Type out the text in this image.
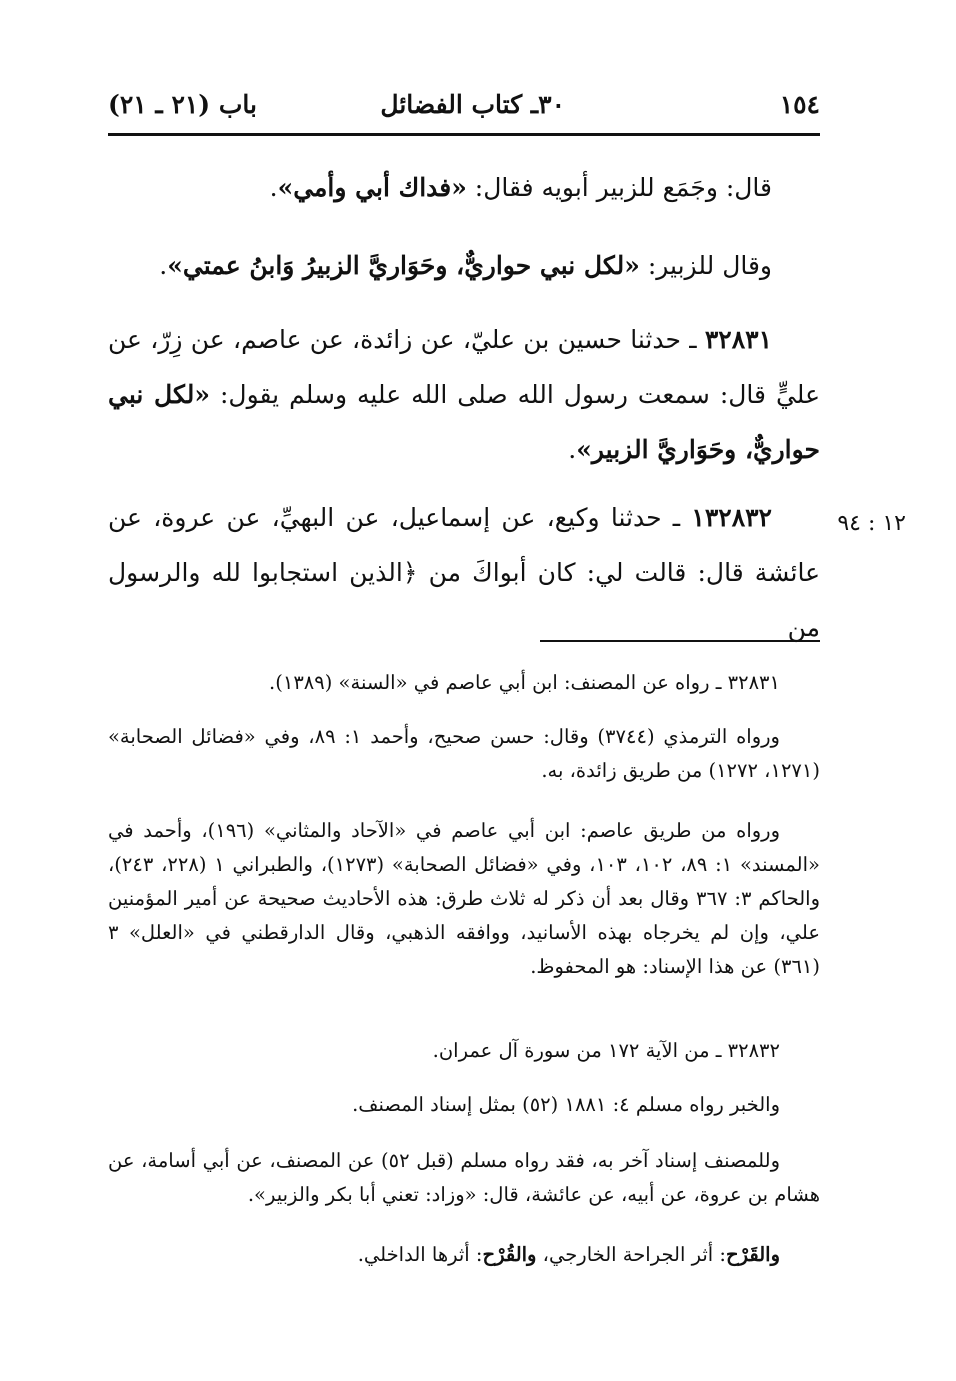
١٥٤
٣٠ـ كتاب الفضائل
باب (٢١ ـ ٢١)

قال: وجَمَع للزبير أبويه فقال: «فداك أبي وأمي».

وقال للزبير: «لكل نبي حواريٌّ، وحَوَاريَّ الزبيرُ وَابنُ عمتي».

٣٢٨٣١ ـ حدثنا حسين بن عليّ، عن زائدة، عن عاصم، عن زِرّ، عن عليٍّ قال: سمعت رسول الله صلى الله عليه وسلم يقول: «لكل نبي حواريٌّ، وحَوَاريَّ الزبير».

١٢ : ٩٤

١٣٢٨٣٢ ـ حدثنا وكيع، عن إسماعيل، عن البهيِّ، عن عروة، عن عائشة قال: قالت لي: كان أبواكَ من ﴿الذين استجابوا لله والرسول من

٣٢٨٣١ ـ رواه عن المصنف: ابن أبي عاصم في «السنة» (١٣٨٩).

ورواه الترمذي (٣٧٤٤) وقال: حسن صحيح، وأحمد ١: ٨٩، وفي «فضائل الصحابة» (١٢٧١، ١٢٧٢) من طريق زائدة، به.

ورواه من طريق عاصم: ابن أبي عاصم في «الآحاد والمثاني» (١٩٦)، وأحمد في «المسند» ١: ٨٩، ١٠٢، ١٠٣، وفي «فضائل الصحابة» (١٢٧٣)، والطبراني ١ (٢٢٨، ٢٤٣)، والحاكم ٣: ٣٦٧ وقال بعد أن ذكر له ثلاث طرق: هذه الأحاديث صحيحة عن أمير المؤمنين علي، وإن لم يخرجاه بهذه الأسانيد، ووافقه الذهبي، وقال الدارقطني في «العلل» ٣ (٣٦١) عن هذا الإسناد: هو المحفوظ.

٣٢٨٣٢ ـ من الآية ١٧٢ من سورة آل عمران.

والخبر رواه مسلم ٤: ١٨٨١ (٥٢) بمثل إسناد المصنف.

وللمصنف إسناد آخر به، فقد رواه مسلم (قبل ٥٢) عن المصنف، عن أبي أسامة، عن هشام بن عروة، عن أبيه، عن عائشة، قال: «وزاد: تعني أبا بكر والزبير».

والقَرْح: أثر الجراحة الخارجي، والقُرْح: أثرها الداخلي.
